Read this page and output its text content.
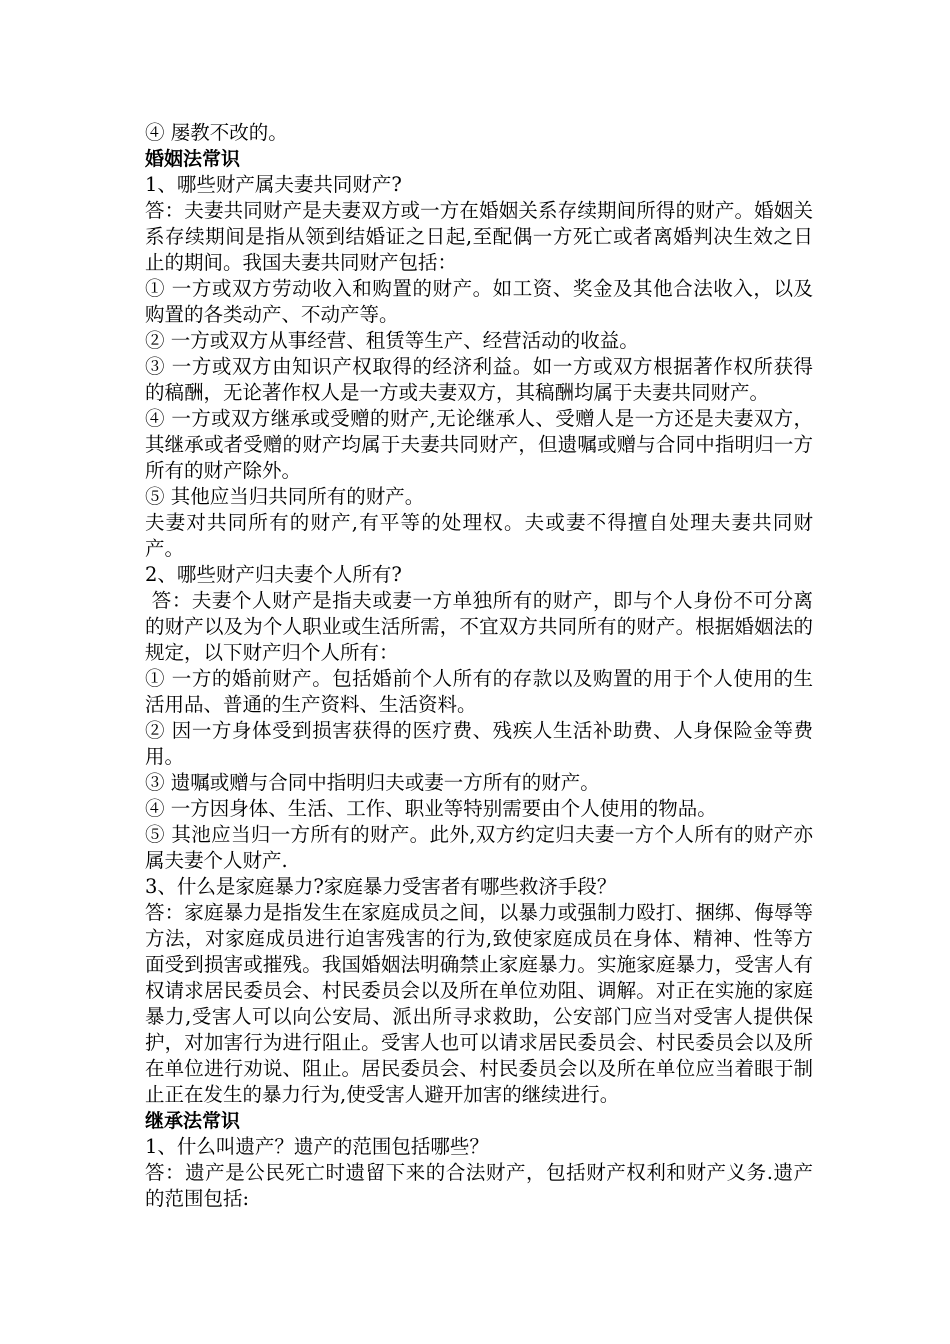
④ 屡教不改的。

婚姻法常识

1、哪些财产属夫妻共同财产?

答：夫妻共同财产是夫妻双方或一方在婚姻关系存续期间所得的财产。婚姻关系存续期间是指从领到结婚证之日起,至配偶一方死亡或者离婚判决生效之日止的期间。我国夫妻共同财产包括：

① 一方或双方劳动收入和购置的财产。如工资、奖金及其他合法收入，以及购置的各类动产、不动产等。

② 一方或双方从事经营、租赁等生产、经营活动的收益。

③ 一方或双方由知识产权取得的经济利益。如一方或双方根据著作权所获得的稿酬，无论著作权人是一方或夫妻双方，其稿酬均属于夫妻共同财产。

④ 一方或双方继承或受赠的财产,无论继承人、受赠人是一方还是夫妻双方，其继承或者受赠的财产均属于夫妻共同财产，但遗嘱或赠与合同中指明归一方所有的财产除外。

⑤ 其他应当归共同所有的财产。

夫妻对共同所有的财产,有平等的处理权。夫或妻不得擅自处理夫妻共同财产。

2、哪些财产归夫妻个人所有?

答：夫妻个人财产是指夫或妻一方单独所有的财产，即与个人身份不可分离的财产以及为个人职业或生活所需，不宜双方共同所有的财产。根据婚姻法的规定，以下财产归个人所有：

① 一方的婚前财产。包括婚前个人所有的存款以及购置的用于个人使用的生活用品、普通的生产资料、生活资料。

② 因一方身体受到损害获得的医疗费、残疾人生活补助费、人身保险金等费用。

③ 遗嘱或赠与合同中指明归夫或妻一方所有的财产。

④ 一方因身体、生活、工作、职业等特别需要由个人使用的物品。

⑤ 其池应当归一方所有的财产。此外,双方约定归夫妻一方个人所有的财产亦属夫妻个人财产.

3、什么是家庭暴力?家庭暴力受害者有哪些救济手段？

答：家庭暴力是指发生在家庭成员之间，以暴力或强制力殴打、捆绑、侮辱等方法，对家庭成员进行迫害残害的行为,致使家庭成员在身体、精神、性等方面受到损害或摧残。我国婚姻法明确禁止家庭暴力。实施家庭暴力，受害人有权请求居民委员会、村民委员会以及所在单位劝阻、调解。对正在实施的家庭暴力,受害人可以向公安局、派出所寻求救助，公安部门应当对受害人提供保护，对加害行为进行阻止。受害人也可以请求居民委员会、村民委员会以及所在单位进行劝说、阻止。居民委员会、村民委员会以及所在单位应当着眼于制止正在发生的暴力行为,使受害人避开加害的继续进行。

继承法常识

1、什么叫遗产？遗产的范围包括哪些？

答：遗产是公民死亡时遗留下来的合法财产，包括财产权利和财产义务.遗产的范围包括:
